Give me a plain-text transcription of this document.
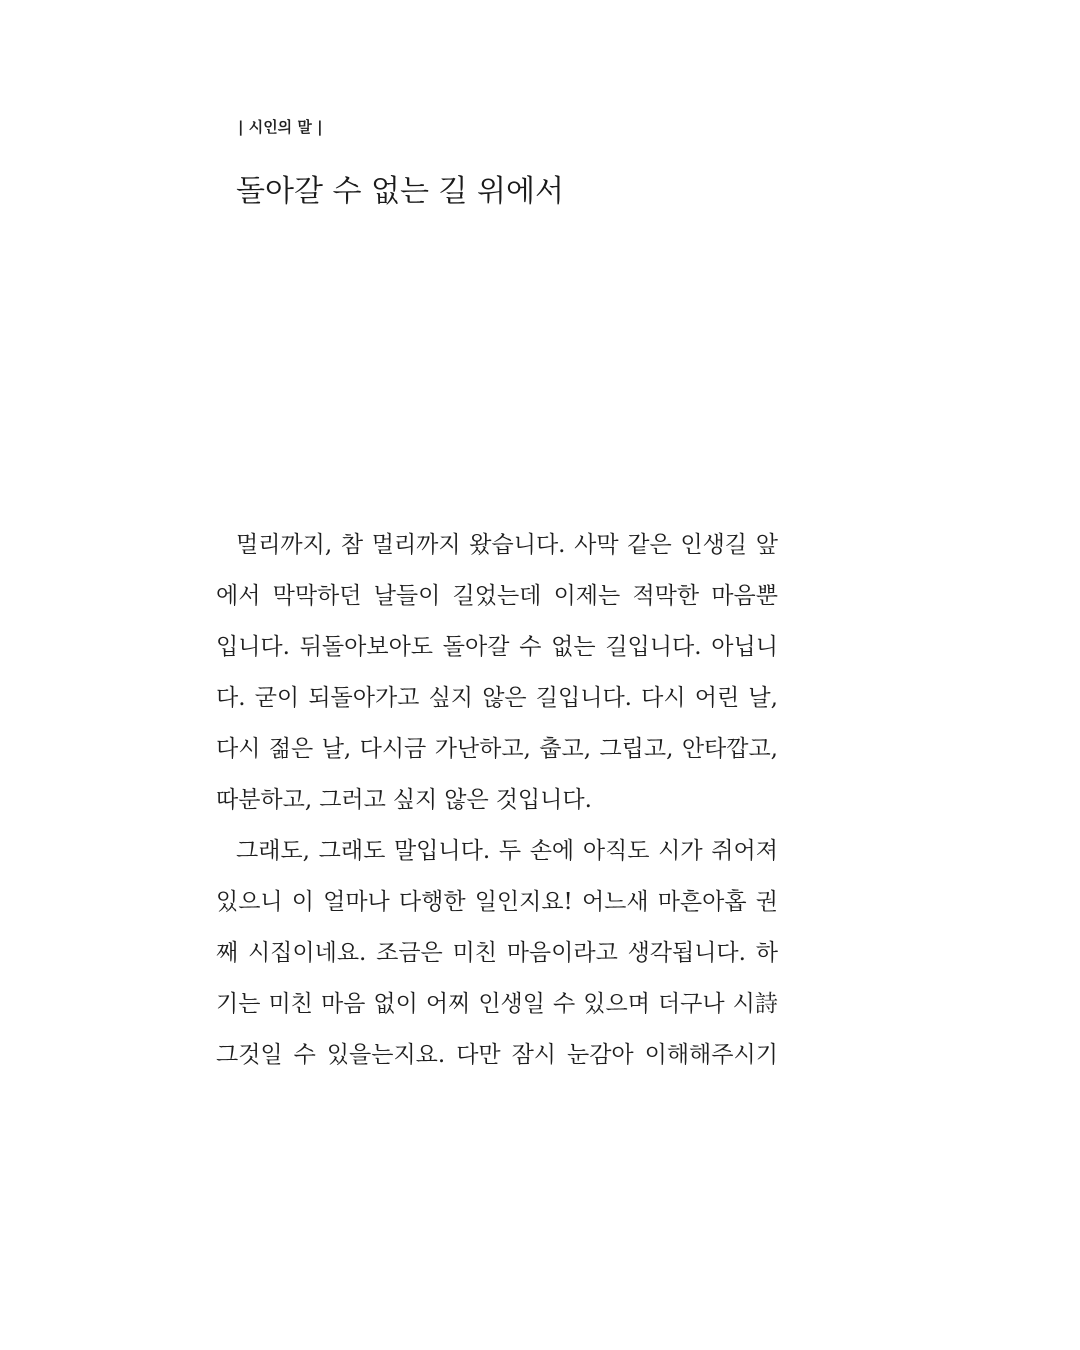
| 시인의 말 |
돌아갈 수 없는 길 위에서
멀리까지, 참 멀리까지 왔습니다. 사막 같은 인생길 앞
에서 막막하던 날들이 길었는데 이제는 적막한 마음뿐
입니다. 뒤돌아보아도 돌아갈 수 없는 길입니다. 아닙니
다. 굳이 되돌아가고 싶지 않은 길입니다. 다시 어린 날,
다시 젊은 날, 다시금 가난하고, 춥고, 그립고, 안타깝고,
따분하고, 그러고 싶지 않은 것입니다.
그래도, 그래도 말입니다. 두 손에 아직도 시가 쥐어져
있으니 이 얼마나 다행한 일인지요! 어느새 마흔아홉 권
째 시집이네요. 조금은 미친 마음이라고 생각됩니다. 하
기는 미친 마음 없이 어찌 인생일 수 있으며 더구나 시詩
그것일 수 있을는지요. 다만 잠시 눈감아 이해해주시기
